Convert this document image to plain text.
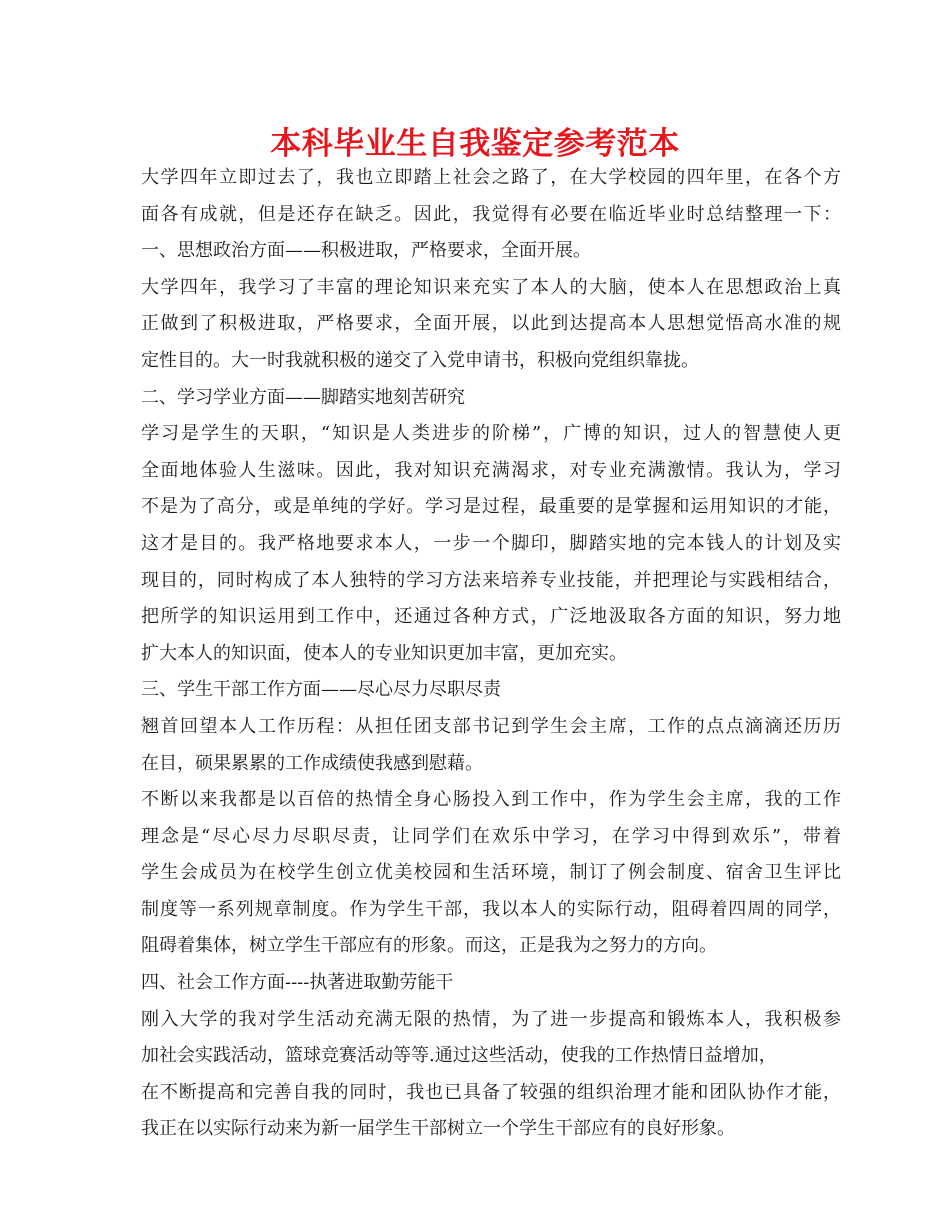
本科毕业生自我鉴定参考范本
大学四年立即过去了，我也立即踏上社会之路了，在大学校园的四年里，在各个方
面各有成就，但是还存在缺乏。因此，我觉得有必要在临近毕业时总结整理一下：
一、思想政治方面——积极进取，严格要求，全面开展。
大学四年，我学习了丰富的理论知识来充实了本人的大脑，使本人在思想政治上真
正做到了积极进取，严格要求，全面开展，以此到达提高本人思想觉悟高水准的规
定性目的。大一时我就积极的递交了入党申请书，积极向党组织靠拢。
二、学习学业方面——脚踏实地刻苦研究
学习是学生的天职，“知识是人类进步的阶梯”，广博的知识，过人的智慧使人更
全面地体验人生滋味。因此，我对知识充满渴求，对专业充满激情。我认为，学习
不是为了高分，或是单纯的学好。学习是过程，最重要的是掌握和运用知识的才能，
这才是目的。我严格地要求本人，一步一个脚印，脚踏实地的完本钱人的计划及实
现目的，同时构成了本人独特的学习方法来培养专业技能，并把理论与实践相结合，
把所学的知识运用到工作中，还通过各种方式，广泛地汲取各方面的知识，努力地
扩大本人的知识面，使本人的专业知识更加丰富，更加充实。
三、学生干部工作方面——尽心尽力尽职尽责
翘首回望本人工作历程：从担任团支部书记到学生会主席，工作的点点滴滴还历历
在目，硕果累累的工作成绩使我感到慰藉。
不断以来我都是以百倍的热情全身心肠投入到工作中，作为学生会主席，我的工作
理念是“尽心尽力尽职尽责，让同学们在欢乐中学习，在学习中得到欢乐”，带着
学生会成员为在校学生创立优美校园和生活环境，制订了例会制度、宿舍卫生评比
制度等一系列规章制度。作为学生干部，我以本人的实际行动，阻碍着四周的同学，
阻碍着集体，树立学生干部应有的形象。而这，正是我为之努力的方向。
四、社会工作方面----执著进取勤劳能干
刚入大学的我对学生活动充满无限的热情，为了进一步提高和锻炼本人，我积极参
加社会实践活动，篮球竞赛活动等等.通过这些活动，使我的工作热情日益增加，
在不断提高和完善自我的同时，我也已具备了较强的组织治理才能和团队协作才能，
我正在以实际行动来为新一届学生干部树立一个学生干部应有的良好形象。
